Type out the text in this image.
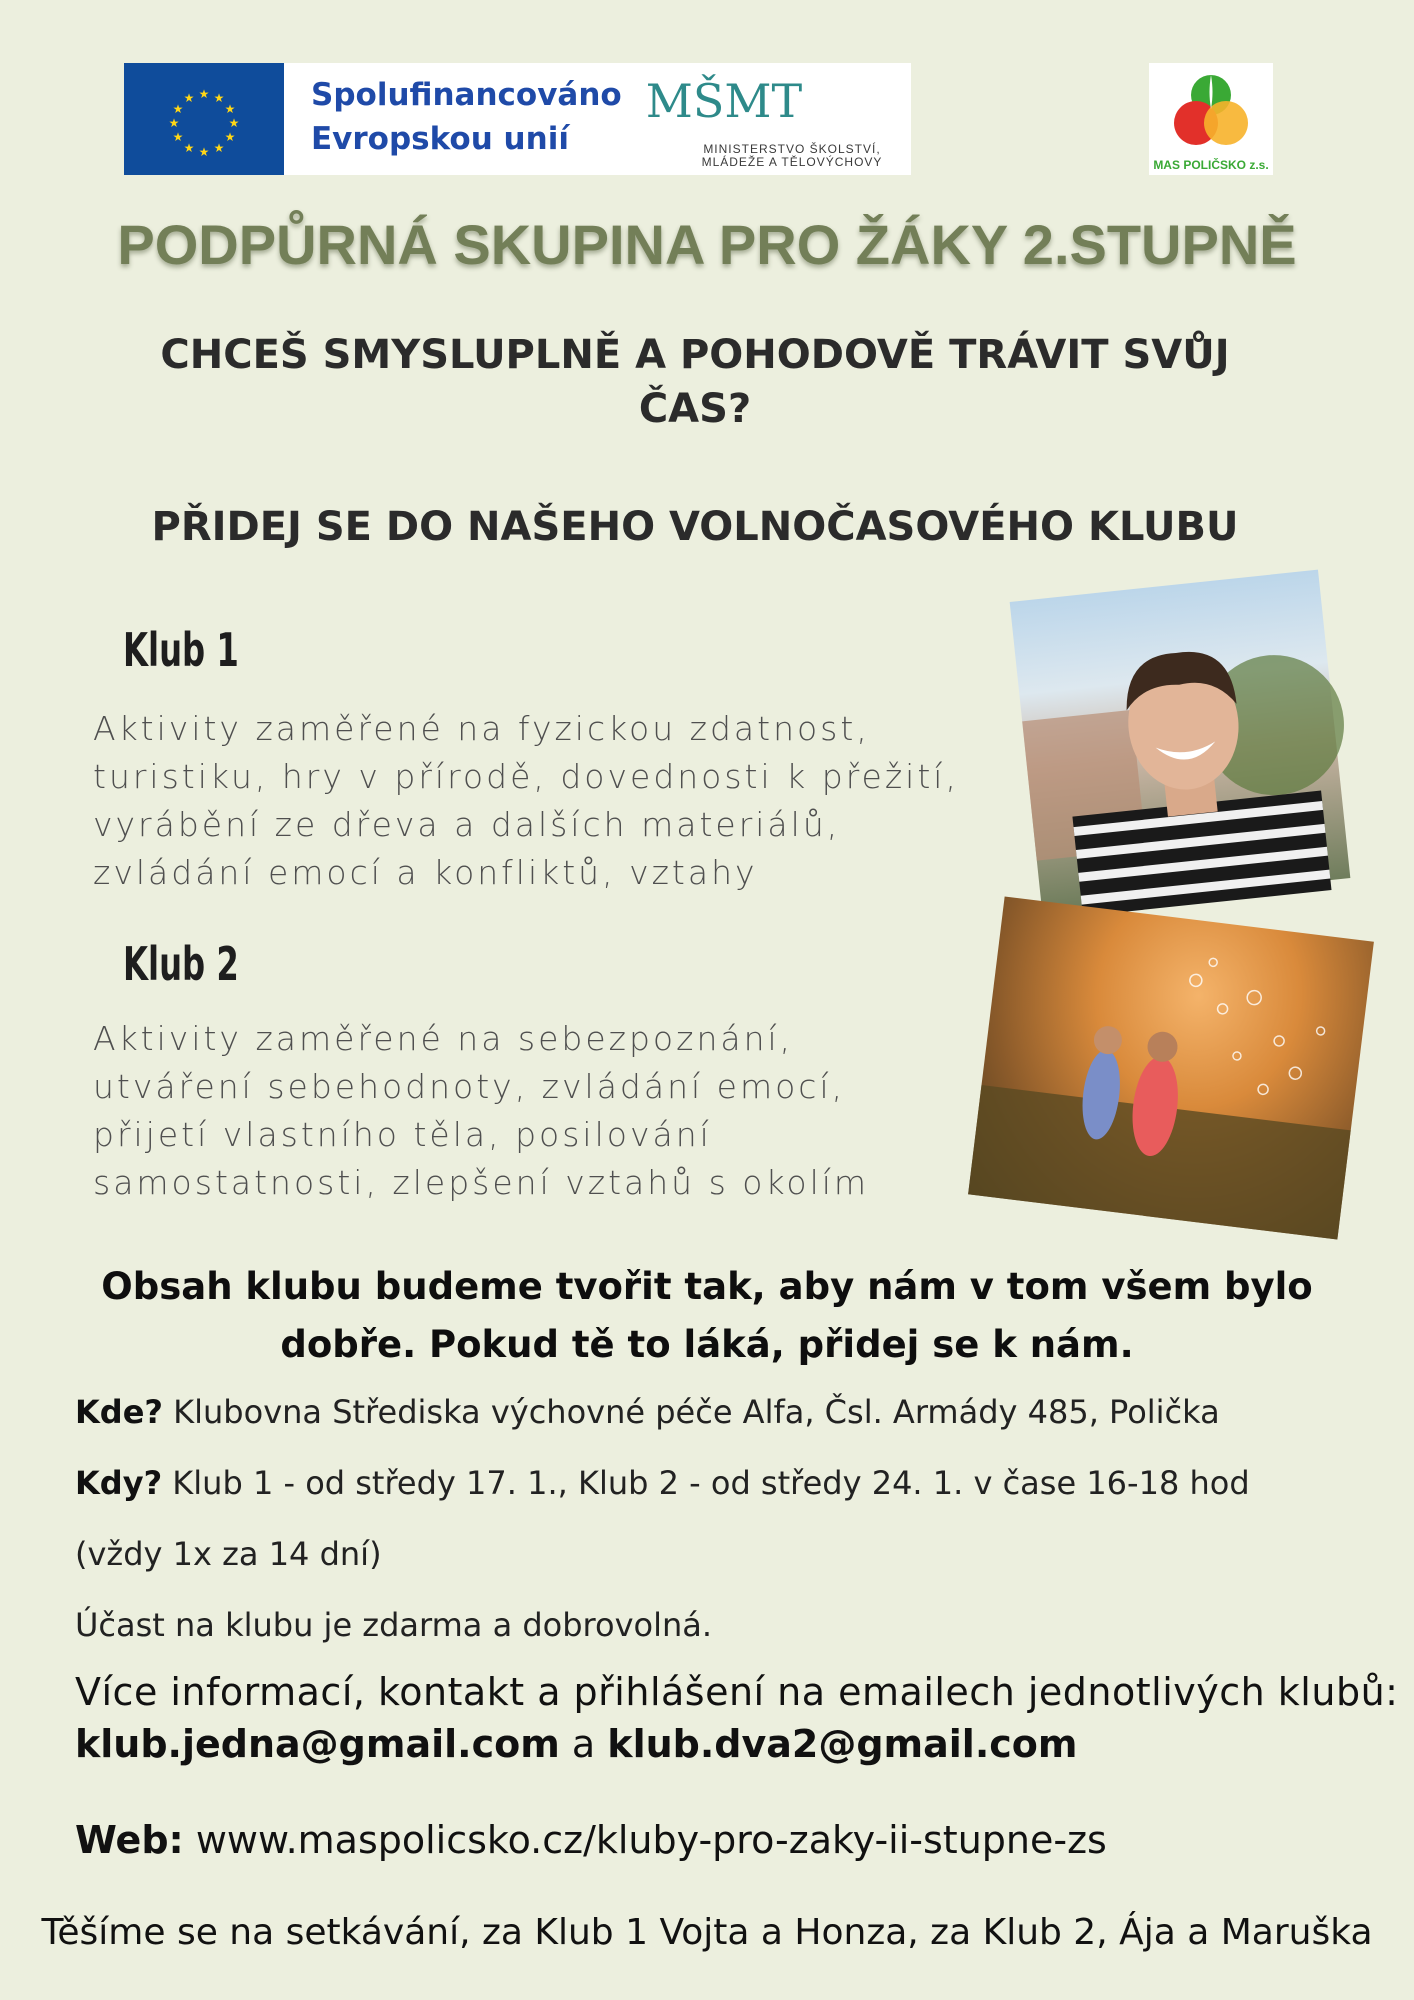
★ ★
★
★
★
★
★
★
★
★
★
★	Spolufinancováno Evropskou unií
MŠMT
MINISTERSTVO ŠKOLSTVÍ, MLÁDEŽE A TĚLOVÝCHOVY	MAS POLIČSKO z.s.
PODPŮRNÁ SKUPINA PRO ŽÁKY 2.STUPNĚ
CHCEŠ SMYSLUPLNĚ A POHODOVĚ TRÁVIT SVŮJ ČAS?
PŘIDEJ SE DO NAŠEHO VOLNOČASOVÉHO KLUBU
Klub 1
Aktivity zaměřené na fyzickou zdatnost,
turistiku, hry v přírodě, dovednosti k přežití,
vyrábění ze dřeva a dalších materiálů,
zvládání emocí a konfliktů, vztahy
Klub 2
Aktivity zaměřené na sebezpoznání,
utváření sebehodnoty, zvládání emocí,
přijetí vlastního těla, posilování
samostatnosti, zlepšení vztahů s okolím
Obsah klubu budeme tvořit tak, aby nám v tom všem bylo dobře. Pokud tě to láká, přidej se k nám.
Kde? Klubovna Střediska výchovné péče Alfa, Čsl. Armády 485, Polička
Kdy? Klub 1 - od středy 17. 1., Klub 2 - od středy 24. 1. v čase 16-18 hod
(vždy 1x za 14 dní)
Účast na klubu je zdarma a dobrovolná.
Více informací, kontakt a přihlášení na emailech jednotlivých klubů:
klub.jedna@gmail.com a klub.dva2@gmail.com
Web: www.maspolicsko.cz/kluby-pro-zaky-ii-stupne-zs
Těšíme se na setkávání, za Klub 1 Vojta a Honza, za Klub 2, Ája a Maruška
